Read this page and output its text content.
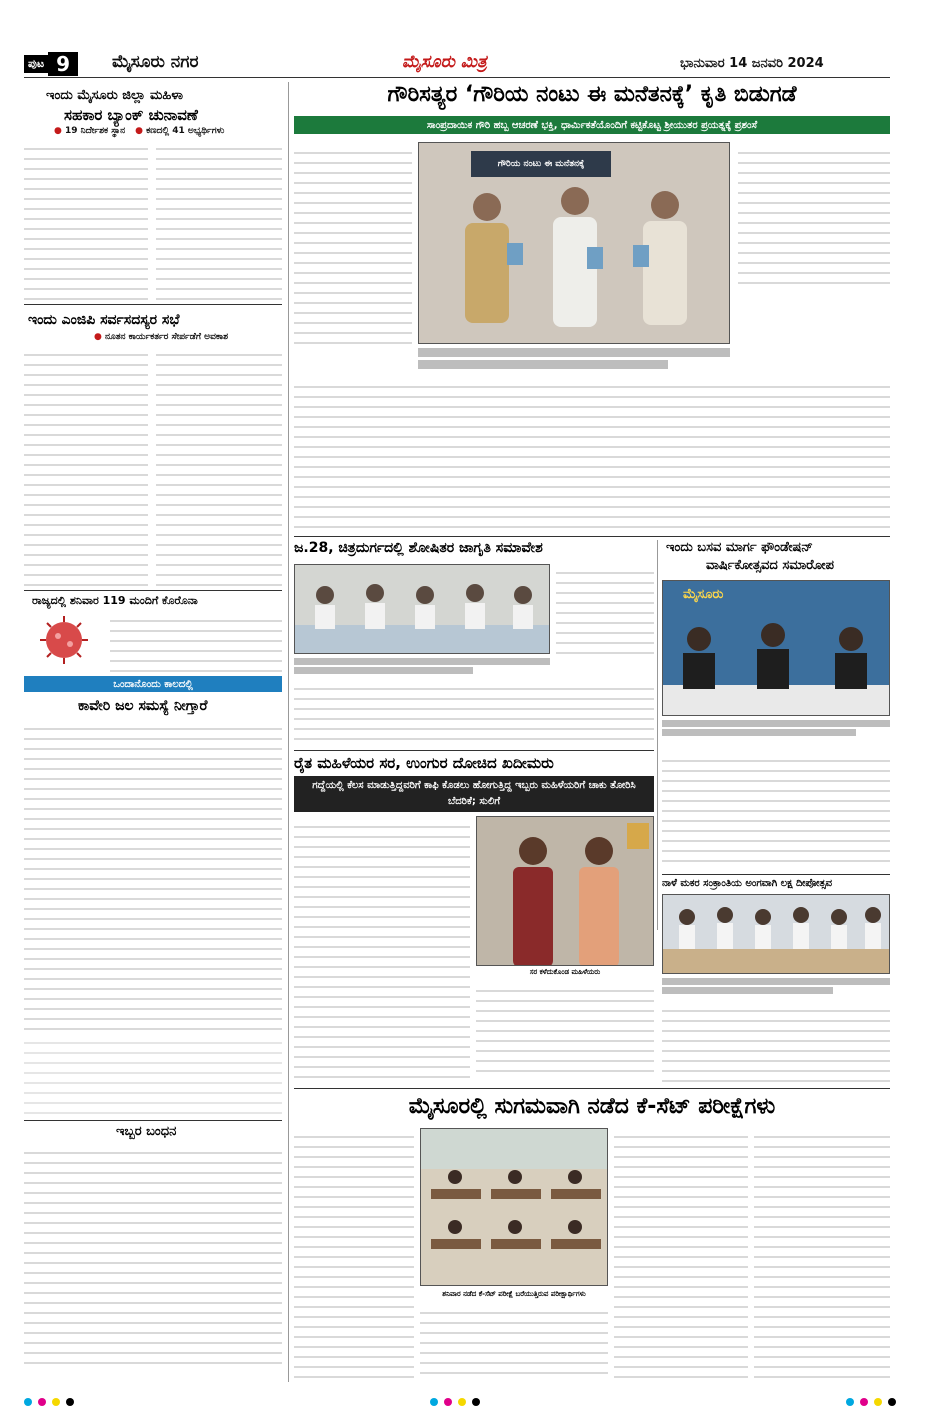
ಪುಟ 9	ಮೈಸೂರು ನಗರ	ಮೈಸೂರು ಮಿತ್ರ	ಭಾನುವಾರ 14 ಜನವರಿ 2024
ಇಂದು ಮೈಸೂರು ಜಿಲ್ಲಾ ಮಹಿಳಾ
ಸಹಕಾರ ಬ್ಯಾಂಕ್ ಚುನಾವಣೆ
● 19 ನಿರ್ದೇಶಕ ಸ್ಥಾನ ● ಕಣದಲ್ಲಿ 41 ಅಭ್ಯರ್ಥಿಗಳು
ಇಂದು ಎಂಜಿಪಿ ಸರ್ವಸದಸ್ಯರ ಸಭೆ
● ನೂತನ ಕಾರ್ಯಕರ್ತರ ಸೇರ್ಪಡೆಗೆ ಅವಕಾಶ
ರಾಜ್ಯದಲ್ಲಿ ಶನಿವಾರ 119 ಮಂದಿಗೆ ಕೊರೊನಾ
ಒಂದಾನೊಂದು ಕಾಲದಲ್ಲಿ
ಕಾವೇರಿ ಜಲ ಸಮಸ್ಯೆ ನೀಗ್ತಾರೆ
ಇಬ್ಬರ ಬಂಧನ
ಗೌರಿಸತ್ಯರ ‘ಗೌರಿಯ ನಂಟು ಈ ಮನೆತನಕ್ಕೆ’ ಕೃತಿ ಬಿಡುಗಡೆ
ಸಾಂಪ್ರದಾಯಿಕ ಗೌರಿ ಹಬ್ಬ ಆಚರಣೆ ಭಕ್ತಿ, ಧಾರ್ಮಿಕತೆಯೊಂದಿಗೆ ಕಟ್ಟಿಕೊಟ್ಟ ಶ್ರೀಯುತರ ಪ್ರಯತ್ನಕ್ಕೆ ಪ್ರಶಂಸೆ
ಗೌರಿಯ ನಂಟು ಈ ಮನೆತನಕ್ಕೆ
ಜ.28, ಚಿತ್ರದುರ್ಗದಲ್ಲಿ ಶೋಷಿತರ ಜಾಗೃತಿ ಸಮಾವೇಶ	ಇಂದು ಬಸವ ಮಾರ್ಗ ಫೌಂಡೇಷನ್
ವಾರ್ಷಿಕೋತ್ಸವದ ಸಮಾರೋಪ
ಮೈಸೂರು
ರೈತ ಮಹಿಳೆಯರ ಸರ, ಉಂಗುರ ದೋಚಿದ ಖದೀಮರು
ಗದ್ದೆಯಲ್ಲಿ ಕೆಲಸ ಮಾಡುತ್ತಿದ್ದವರಿಗೆ ಕಾಫಿ ಕೊಡಲು ಹೋಗುತ್ತಿದ್ದ ಇಬ್ಬರು ಮಹಿಳೆಯರಿಗೆ ಚಾಕು ತೋರಿಸಿ ಬೆದರಿಕೆ; ಸುಲಿಗೆ
ಸರ ಕಳೆದುಕೊಂಡ ಮಹಿಳೆಯರು
ನಾಳೆ ಮಕರ ಸಂಕ್ರಾಂತಿಯ ಅಂಗವಾಗಿ ಲಕ್ಷ ದೀಪೋತ್ಸವ
ಮೈಸೂರಲ್ಲಿ ಸುಗಮವಾಗಿ ನಡೆದ ಕೆ-ಸೆಟ್ ಪರೀಕ್ಷೆಗಳು
ಶನಿವಾರ ನಡೆದ ಕೆ-ಸೆಟ್ ಪರೀಕ್ಷೆ ಬರೆಯುತ್ತಿರುವ ಪರೀಕ್ಷಾರ್ಥಿಗಳು
